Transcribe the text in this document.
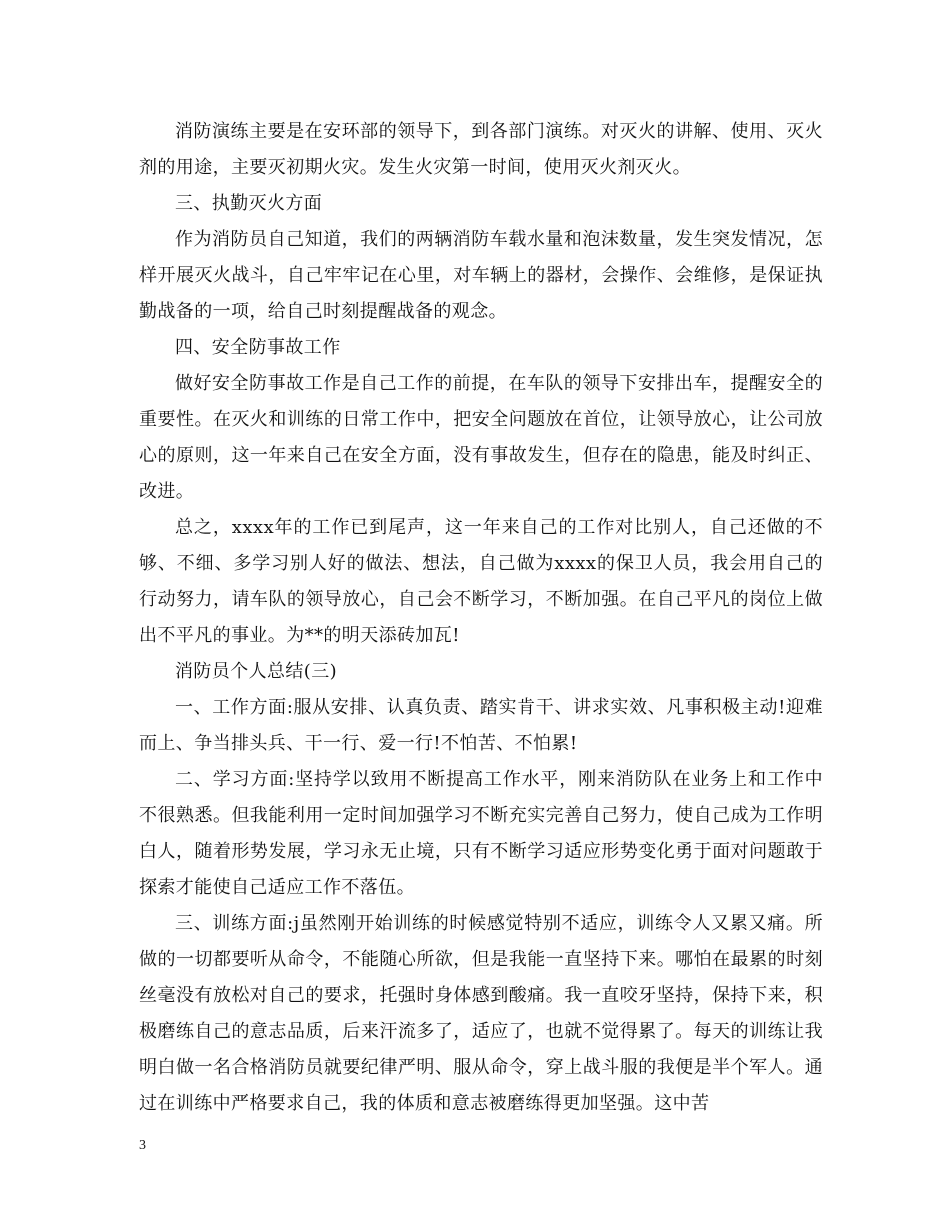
消防演练主要是在安环部的领导下，到各部门演练。对灭火的讲解、使用、灭火剂的用途，主要灭初期火灾。发生火灾第一时间，使用灭火剂灭火。

三、执勤灭火方面

作为消防员自己知道，我们的两辆消防车载水量和泡沫数量，发生突发情况，怎样开展灭火战斗，自己牢牢记在心里，对车辆上的器材，会操作、会维修，是保证执勤战备的一项，给自己时刻提醒战备的观念。

四、安全防事故工作

做好安全防事故工作是自己工作的前提，在车队的领导下安排出车，提醒安全的重要性。在灭火和训练的日常工作中，把安全问题放在首位，让领导放心，让公司放心的原则，这一年来自己在安全方面，没有事故发生，但存在的隐患，能及时纠正、改进。

总之，xxxx年的工作已到尾声，这一年来自己的工作对比别人，自己还做的不够、不细、多学习别人好的做法、想法，自己做为xxxx的保卫人员，我会用自己的行动努力，请车队的领导放心，自己会不断学习，不断加强。在自己平凡的岗位上做出不平凡的事业。为**的明天添砖加瓦!

消防员个人总结(三)

一、工作方面:服从安排、认真负责、踏实肯干、讲求实效、凡事积极主动!迎难而上、争当排头兵、干一行、爱一行!不怕苦、不怕累!

二、学习方面:坚持学以致用不断提高工作水平，刚来消防队在业务上和工作中不很熟悉。但我能利用一定时间加强学习不断充实完善自己努力，使自己成为工作明白人，随着形势发展，学习永无止境，只有不断学习适应形势变化勇于面对问题敢于探索才能使自己适应工作不落伍。

三、训练方面:j虽然刚开始训练的时候感觉特别不适应，训练令人又累又痛。所做的一切都要听从命令，不能随心所欲，但是我能一直坚持下来。哪怕在最累的时刻丝毫没有放松对自己的要求，托强时身体感到酸痛。我一直咬牙坚持，保持下来，积极磨练自己的意志品质，后来汗流多了，适应了，也就不觉得累了。每天的训练让我明白做一名合格消防员就要纪律严明、服从命令，穿上战斗服的我便是半个军人。通过在训练中严格要求自己，我的体质和意志被磨练得更加坚强。这中苦

3
